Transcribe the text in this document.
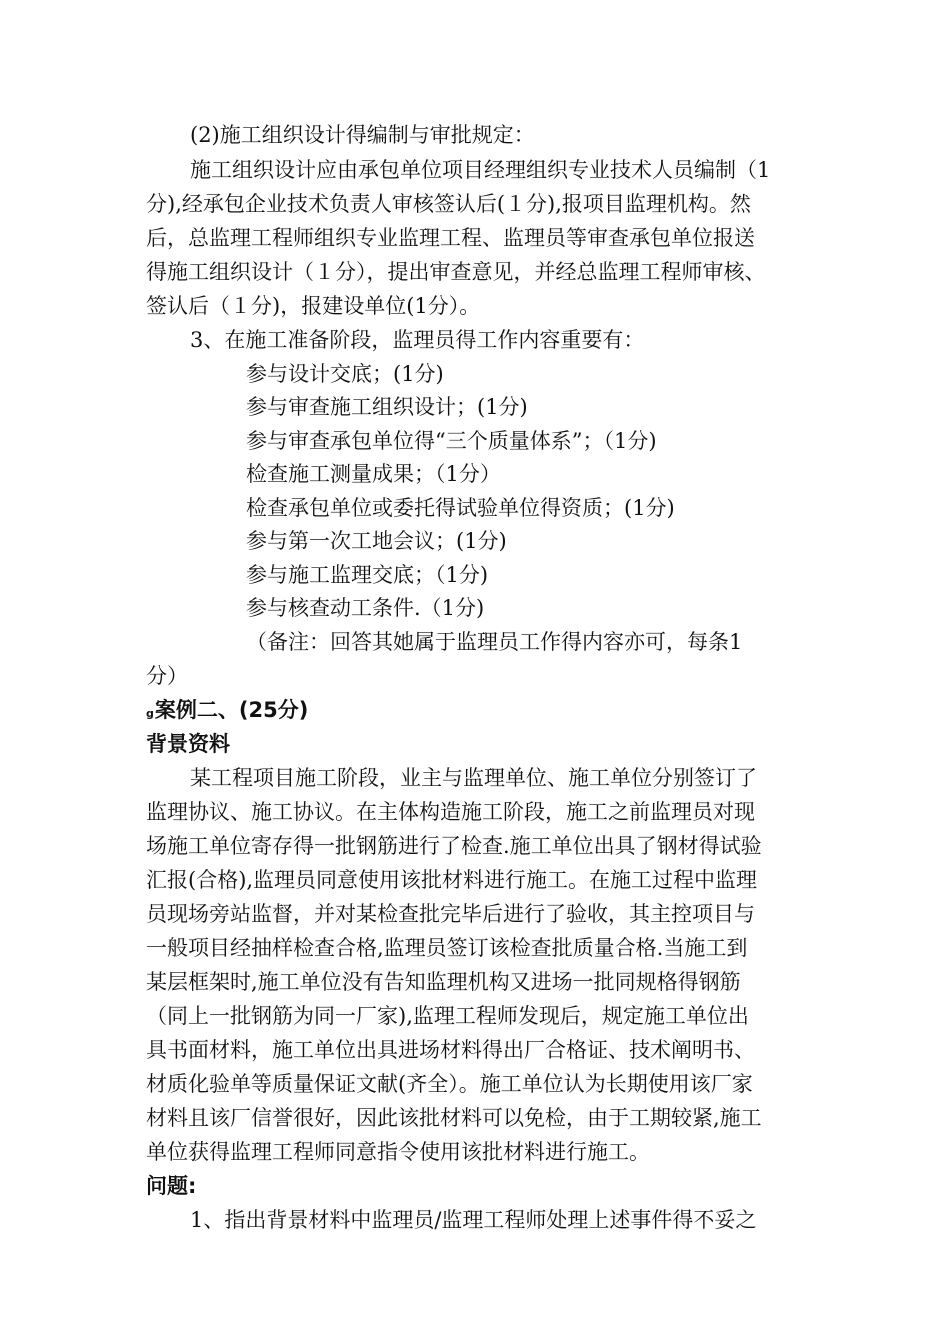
(2)施工组织设计得编制与审批规定：
施工组织设计应由承包单位项目经理组织专业技术人员编制（1
分),经承包企业技术负责人审核签认后(１分),报项目监理机构。然
后，总监理工程师组织专业监理工程、监理员等审查承包单位报送
得施工组织设计（１分），提出审查意见，并经总监理工程师审核、
签认后（１分)，报建设单位(1分）。
3、在施工准备阶段，监理员得工作内容重要有：
参与设计交底；(1分)
参与审查施工组织设计；(1分)
参与审查承包单位得“三个质量体系”；（1分)
检查施工测量成果；（1分）
检查承包单位或委托得试验单位得资质；(1分)
参与第一次工地会议；(1分)
参与施工监理交底；（1分)
参与核查动工条件.（1分)
（备注：回答其她属于监理员工作得内容亦可，每条1
分）
g案例二、(25分)
背景资料
某工程项目施工阶段，业主与监理单位、施工单位分别签订了
监理协议、施工协议。在主体构造施工阶段，施工之前监理员对现
场施工单位寄存得一批钢筋进行了检查.施工单位出具了钢材得试验
汇报(合格),监理员同意使用该批材料进行施工。在施工过程中监理
员现场旁站监督，并对某检查批完毕后进行了验收，其主控项目与
一般项目经抽样检查合格,监理员签订该检查批质量合格.当施工到
某层框架时,施工单位没有告知监理机构又进场一批同规格得钢筋
（同上一批钢筋为同一厂家),监理工程师发现后，规定施工单位出
具书面材料，施工单位出具进场材料得出厂合格证、技术阐明书、
材质化验单等质量保证文献(齐全）。施工单位认为长期使用该厂家
材料且该厂信誉很好，因此该批材料可以免检，由于工期较紧,施工
单位获得监理工程师同意指令使用该批材料进行施工。
问题:
1、指出背景材料中监理员/监理工程师处理上述事件得不妥之
